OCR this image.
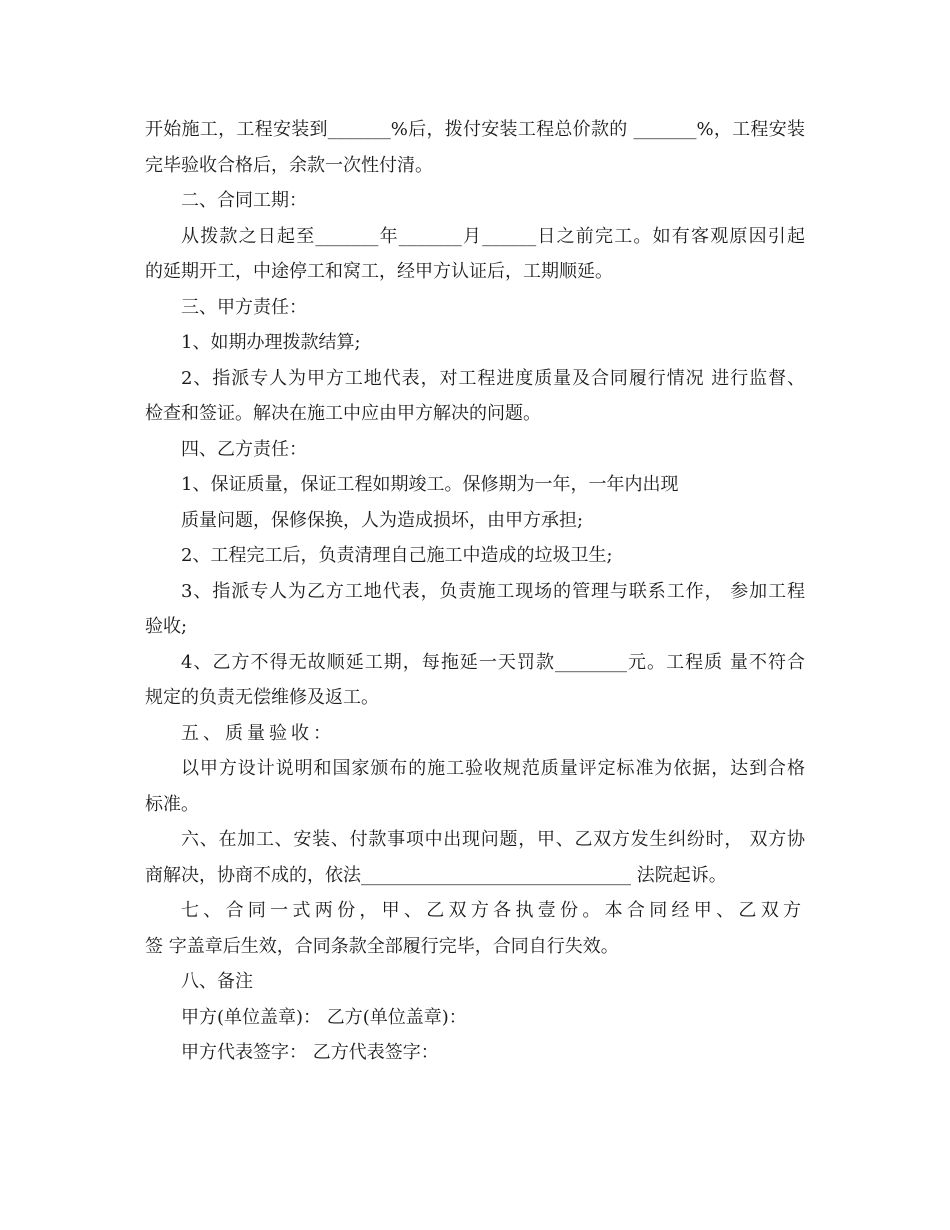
开始施工，工程安装到_______%后，拨付安装工程总价款的 _______%，工程安装
完毕验收合格后，余款一次性付清。
二、合同工期：
从拨款之日起至_______年_______月______日之前完工。如有客观原因引起
的延期开工，中途停工和窝工，经甲方认证后，工期顺延。
三、甲方责任：
1、如期办理拨款结算;
2、指派专人为甲方工地代表，对工程进度质量及合同履行情况 进行监督、
检查和签证。解决在施工中应由甲方解决的问题。
四、乙方责任：
1、保证质量，保证工程如期竣工。保修期为一年，一年内出现
质量问题，保修保换，人为造成损坏，由甲方承担;
2、工程完工后，负责清理自己施工中造成的垃圾卫生;
3、指派专人为乙方工地代表，负责施工现场的管理与联系工作， 参加工程
验收;
4、乙方不得无故顺延工期，每拖延一天罚款________元。工程质 量不符合
规定的负责无偿维修及返工。
五、质量验收：
以甲方设计说明和国家颁布的施工验收规范质量评定标准为依据，达到合格
标准。
六、在加工、安装、付款事项中出现问题，甲、乙双方发生纠纷时， 双方协
商解决，协商不成的，依法______________________________ 法院起诉。
七、合同一式两份，甲、乙双方各执壹份。本合同经甲、乙双方
签 字盖章后生效，合同条款全部履行完毕，合同自行失效。
八、备注
甲方(单位盖章)： 乙方(单位盖章)：
甲方代表签字： 乙方代表签字：
